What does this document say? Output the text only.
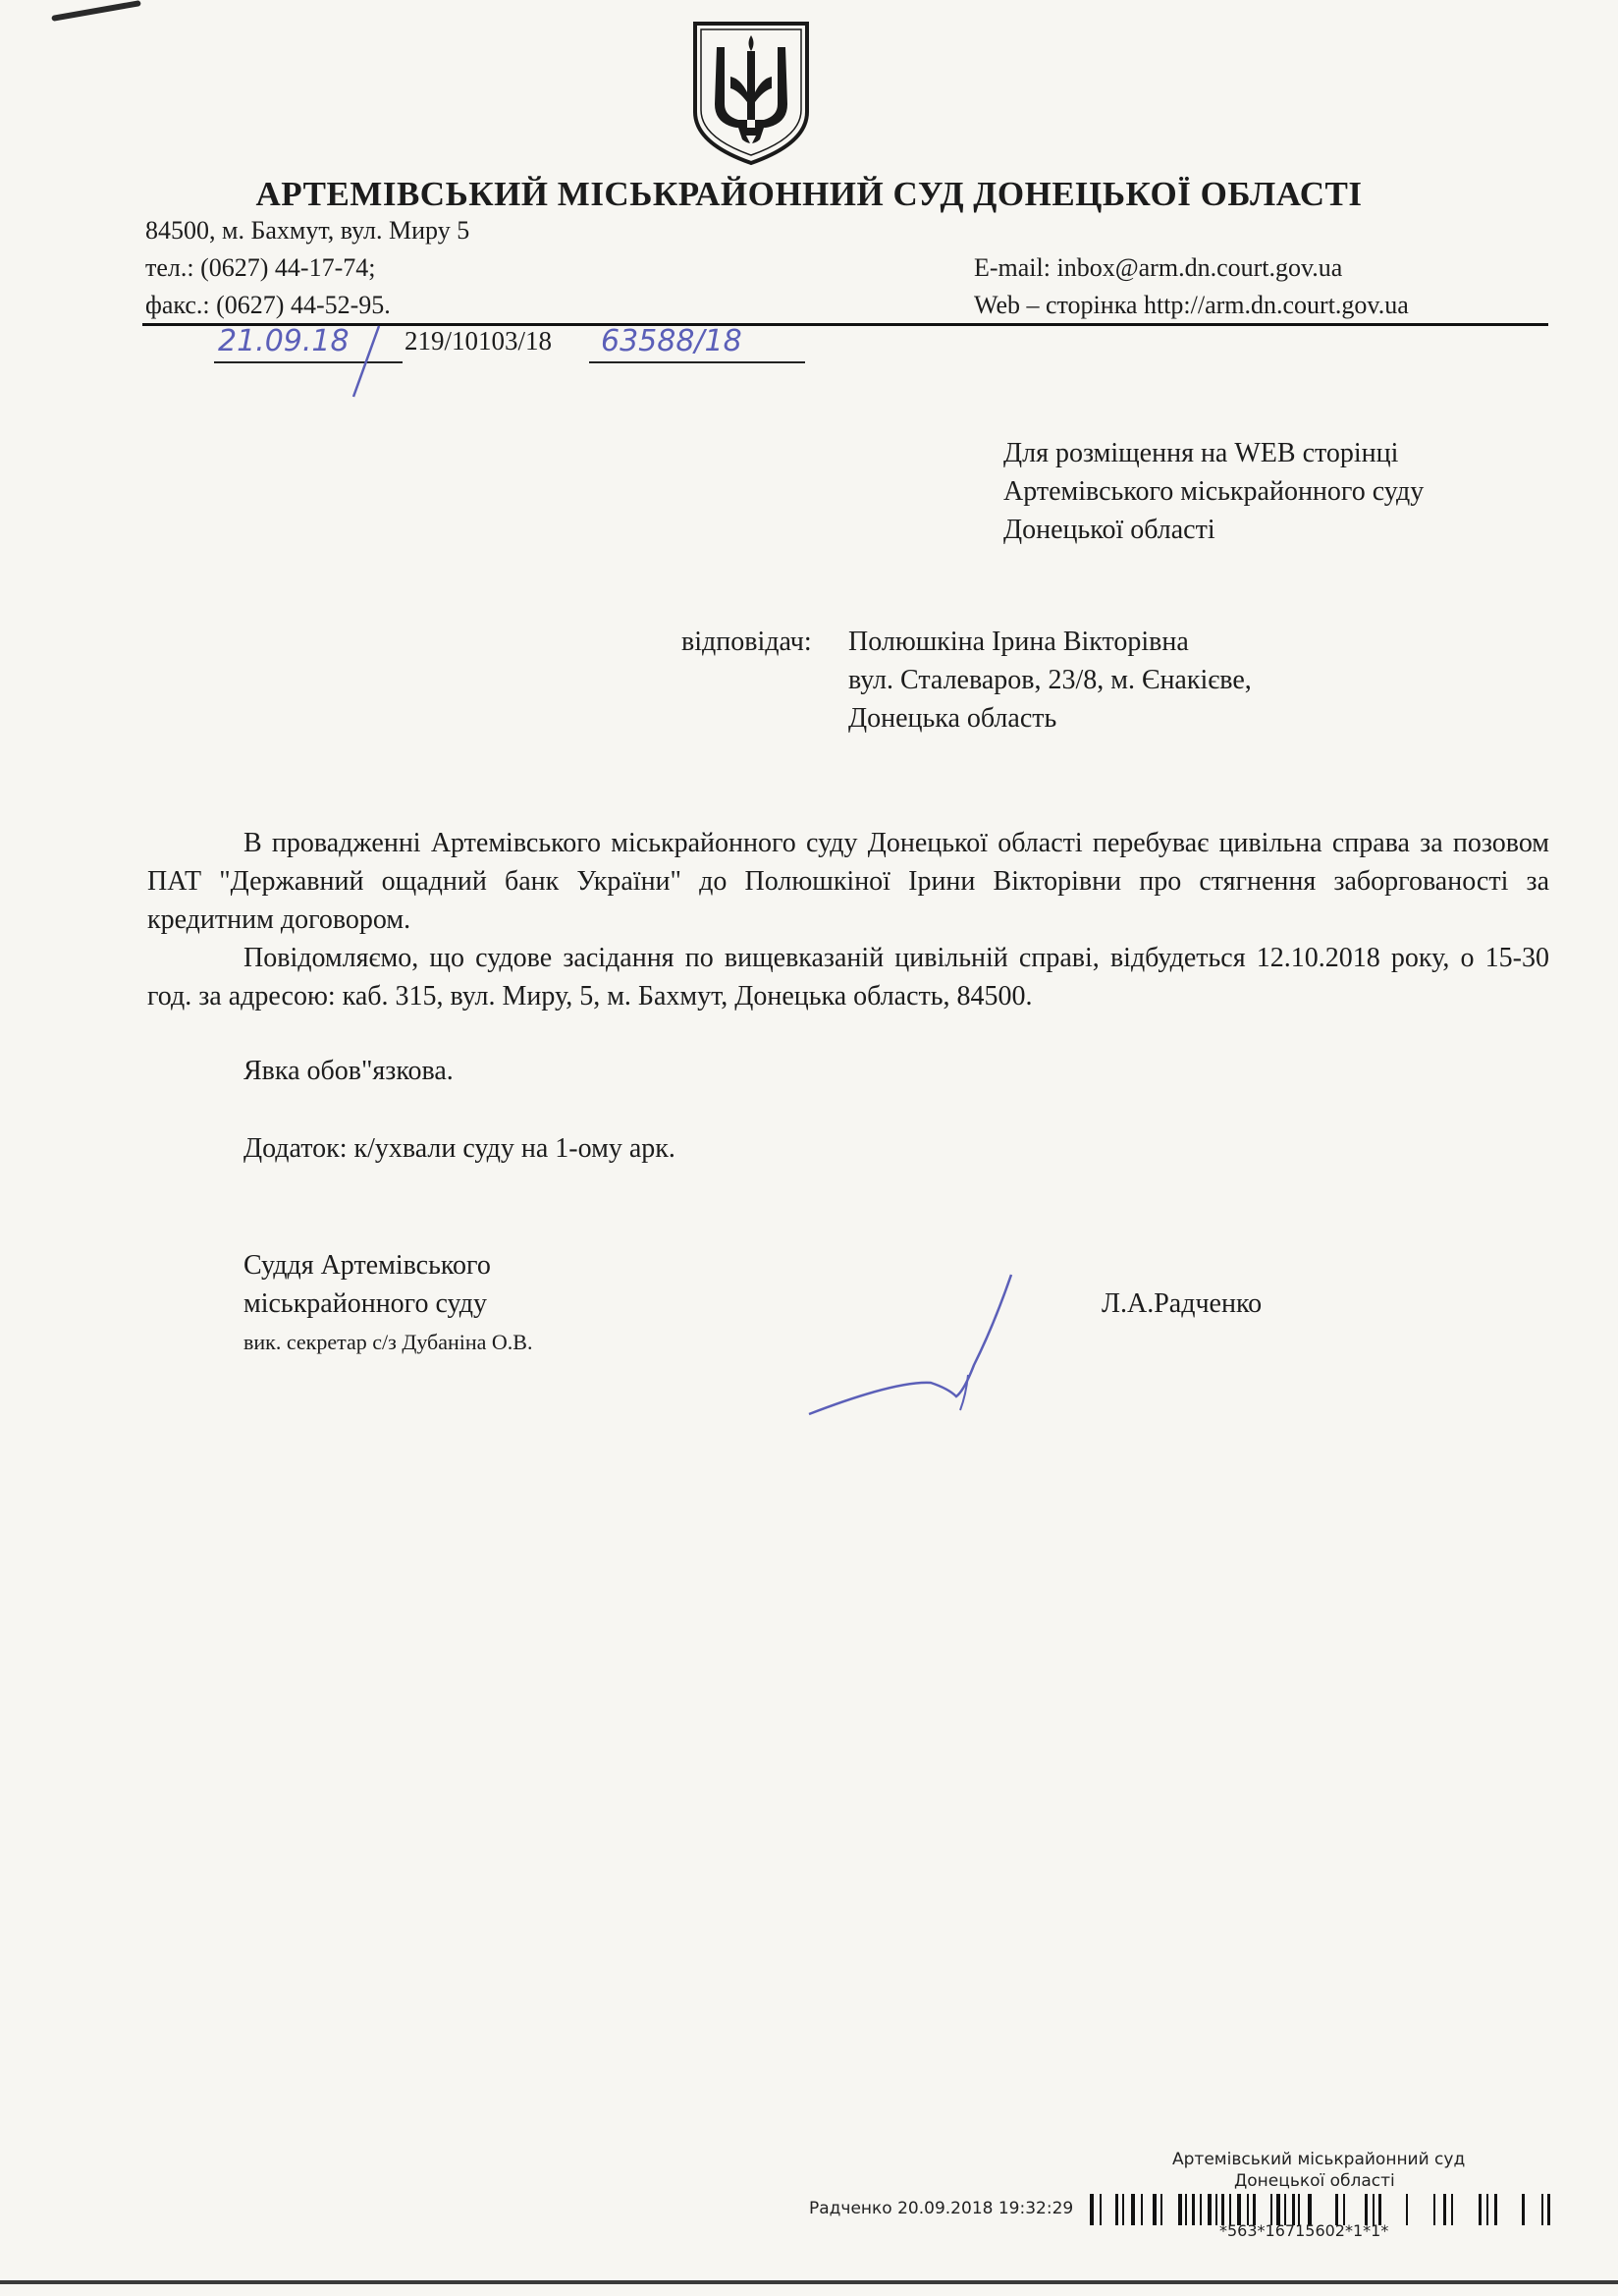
АРТЕМІВСЬКИЙ МІСЬКРАЙОННИЙ СУД ДОНЕЦЬКОЇ ОБЛАСТІ
84500, м. Бахмут, вул. Миру 5
тел.: (0627) 44-17-74;
факс.: (0627) 44-52-95.
E-mail: inbox@arm.dn.court.gov.ua
Web – сторінка http://arm.dn.court.gov.ua
21.09.18 219/10103/18 63588/18
Для розміщення на WEB сторінці
Артемівського міськрайонного суду
Донецької області
відповідач: Полюшкіна Ірина Вікторівна
вул. Сталеваров, 23/8, м. Єнакієве,
Донецька область
В провадженні Артемівського міськрайонного суду Донецької області перебуває цивільна справа за позовом ПАТ "Державний ощадний банк України" до Полюшкіної Ірини Вікторівни про стягнення заборгованості за кредитним договором.
Повідомляємо, що судове засідання по вищевказаній цивільній справі, відбудеться 12.10.2018 року, о 15-30 год. за адресою: каб. 315, вул. Миру, 5, м. Бахмут, Донецька область, 84500.
Явка обов"язкова.
Додаток: к/ухвали суду на 1-ому арк.
Суддя Артемівського
міськрайонного суду
вик. секретар с/з Дубаніна О.В.
Л.А.Радченко
Артемівський міськрайонний суд
Донецької області
Радченко 20.09.2018 19:32:29
*563*16715602*1*1*
